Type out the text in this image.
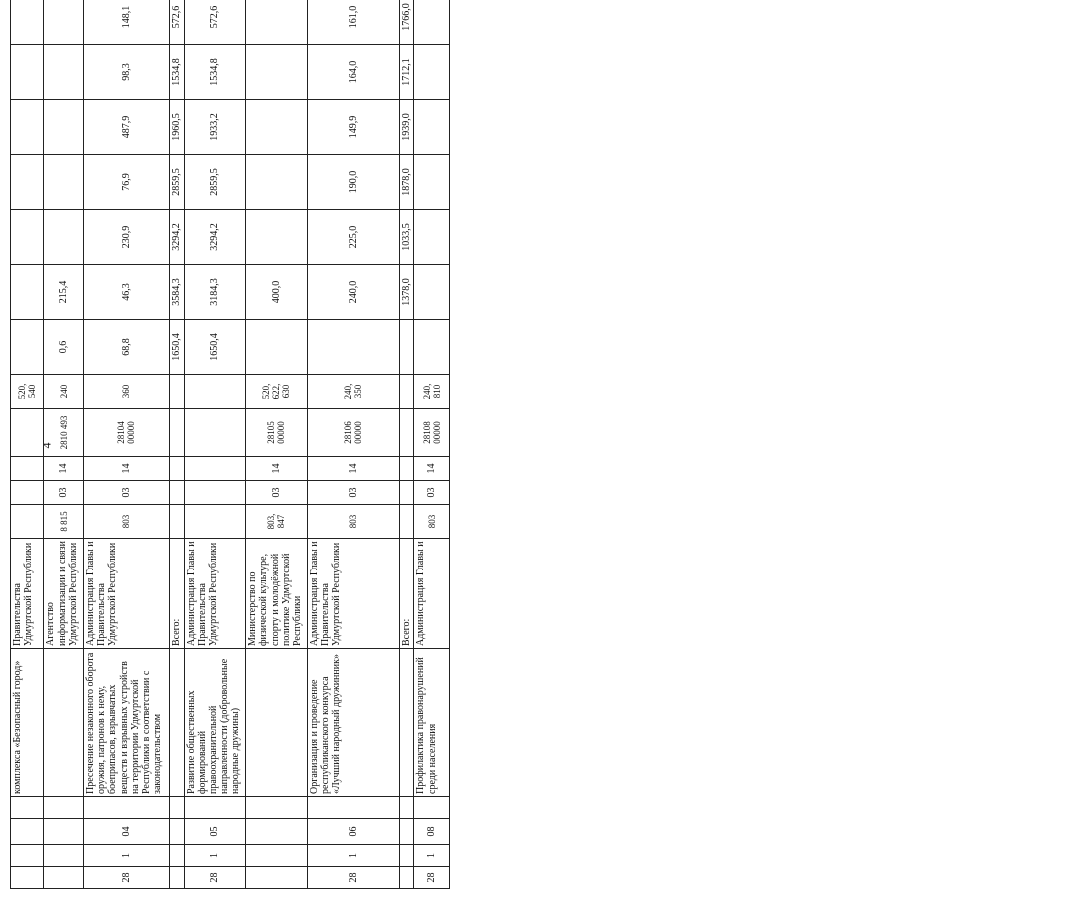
4
				комплекса «Безопасный город»	Правительства Удмуртской Республики					520, 540										
					Агентство информатизации и связи Удмуртской Республики	8 815	03	14	2810 493	240	0,6	215,4								
28	1	04		Пресечение незаконного оборота оружия, патронов к нему, боеприпасов, взрывчатых веществ и взрывных устройств на территории Удмуртской Республики в соответствии с законодательством	Администрация Главы и Правительства Удмуртской Республики	803	03	14	28104 00000	360	68,8	46,3	230,9	76,9	487,9	98,3	148,1			
					Всего:						1650,4	3584,3	3294,2	2859,5	1960,5	1534,8	572,6			
28	1	05		Развитие общественных формирований правоохранительной направленности (добровольные народные дружины)	Администрация Главы и Правительства Удмуртской Республики						1650,4	3184,3	3294,2	2859,5	1933,2	1534,8	572,6			
					Министерство по физической культуре, спорту и молодёжной политике Удмуртской Республики	803, 847	03	14	28105 00000	520, 622, 630		400,0								
28	1	06		Организация и проведение республиканского конкурса «Лучший народный дружинник»	Администрация Главы и Правительства Удмуртской Республики	803	03	14	28106 00000	240, 350		240,0	225,0	190,0	149,9	164,0	161,0			
					Всего:							1378,0	1033,5	1878,0	1939,0	1712,1	1766,0			
28	1	08		Профилактика правонарушений среди населения	Администрация Главы и	803	03	14	28108 00000	240, 810										
